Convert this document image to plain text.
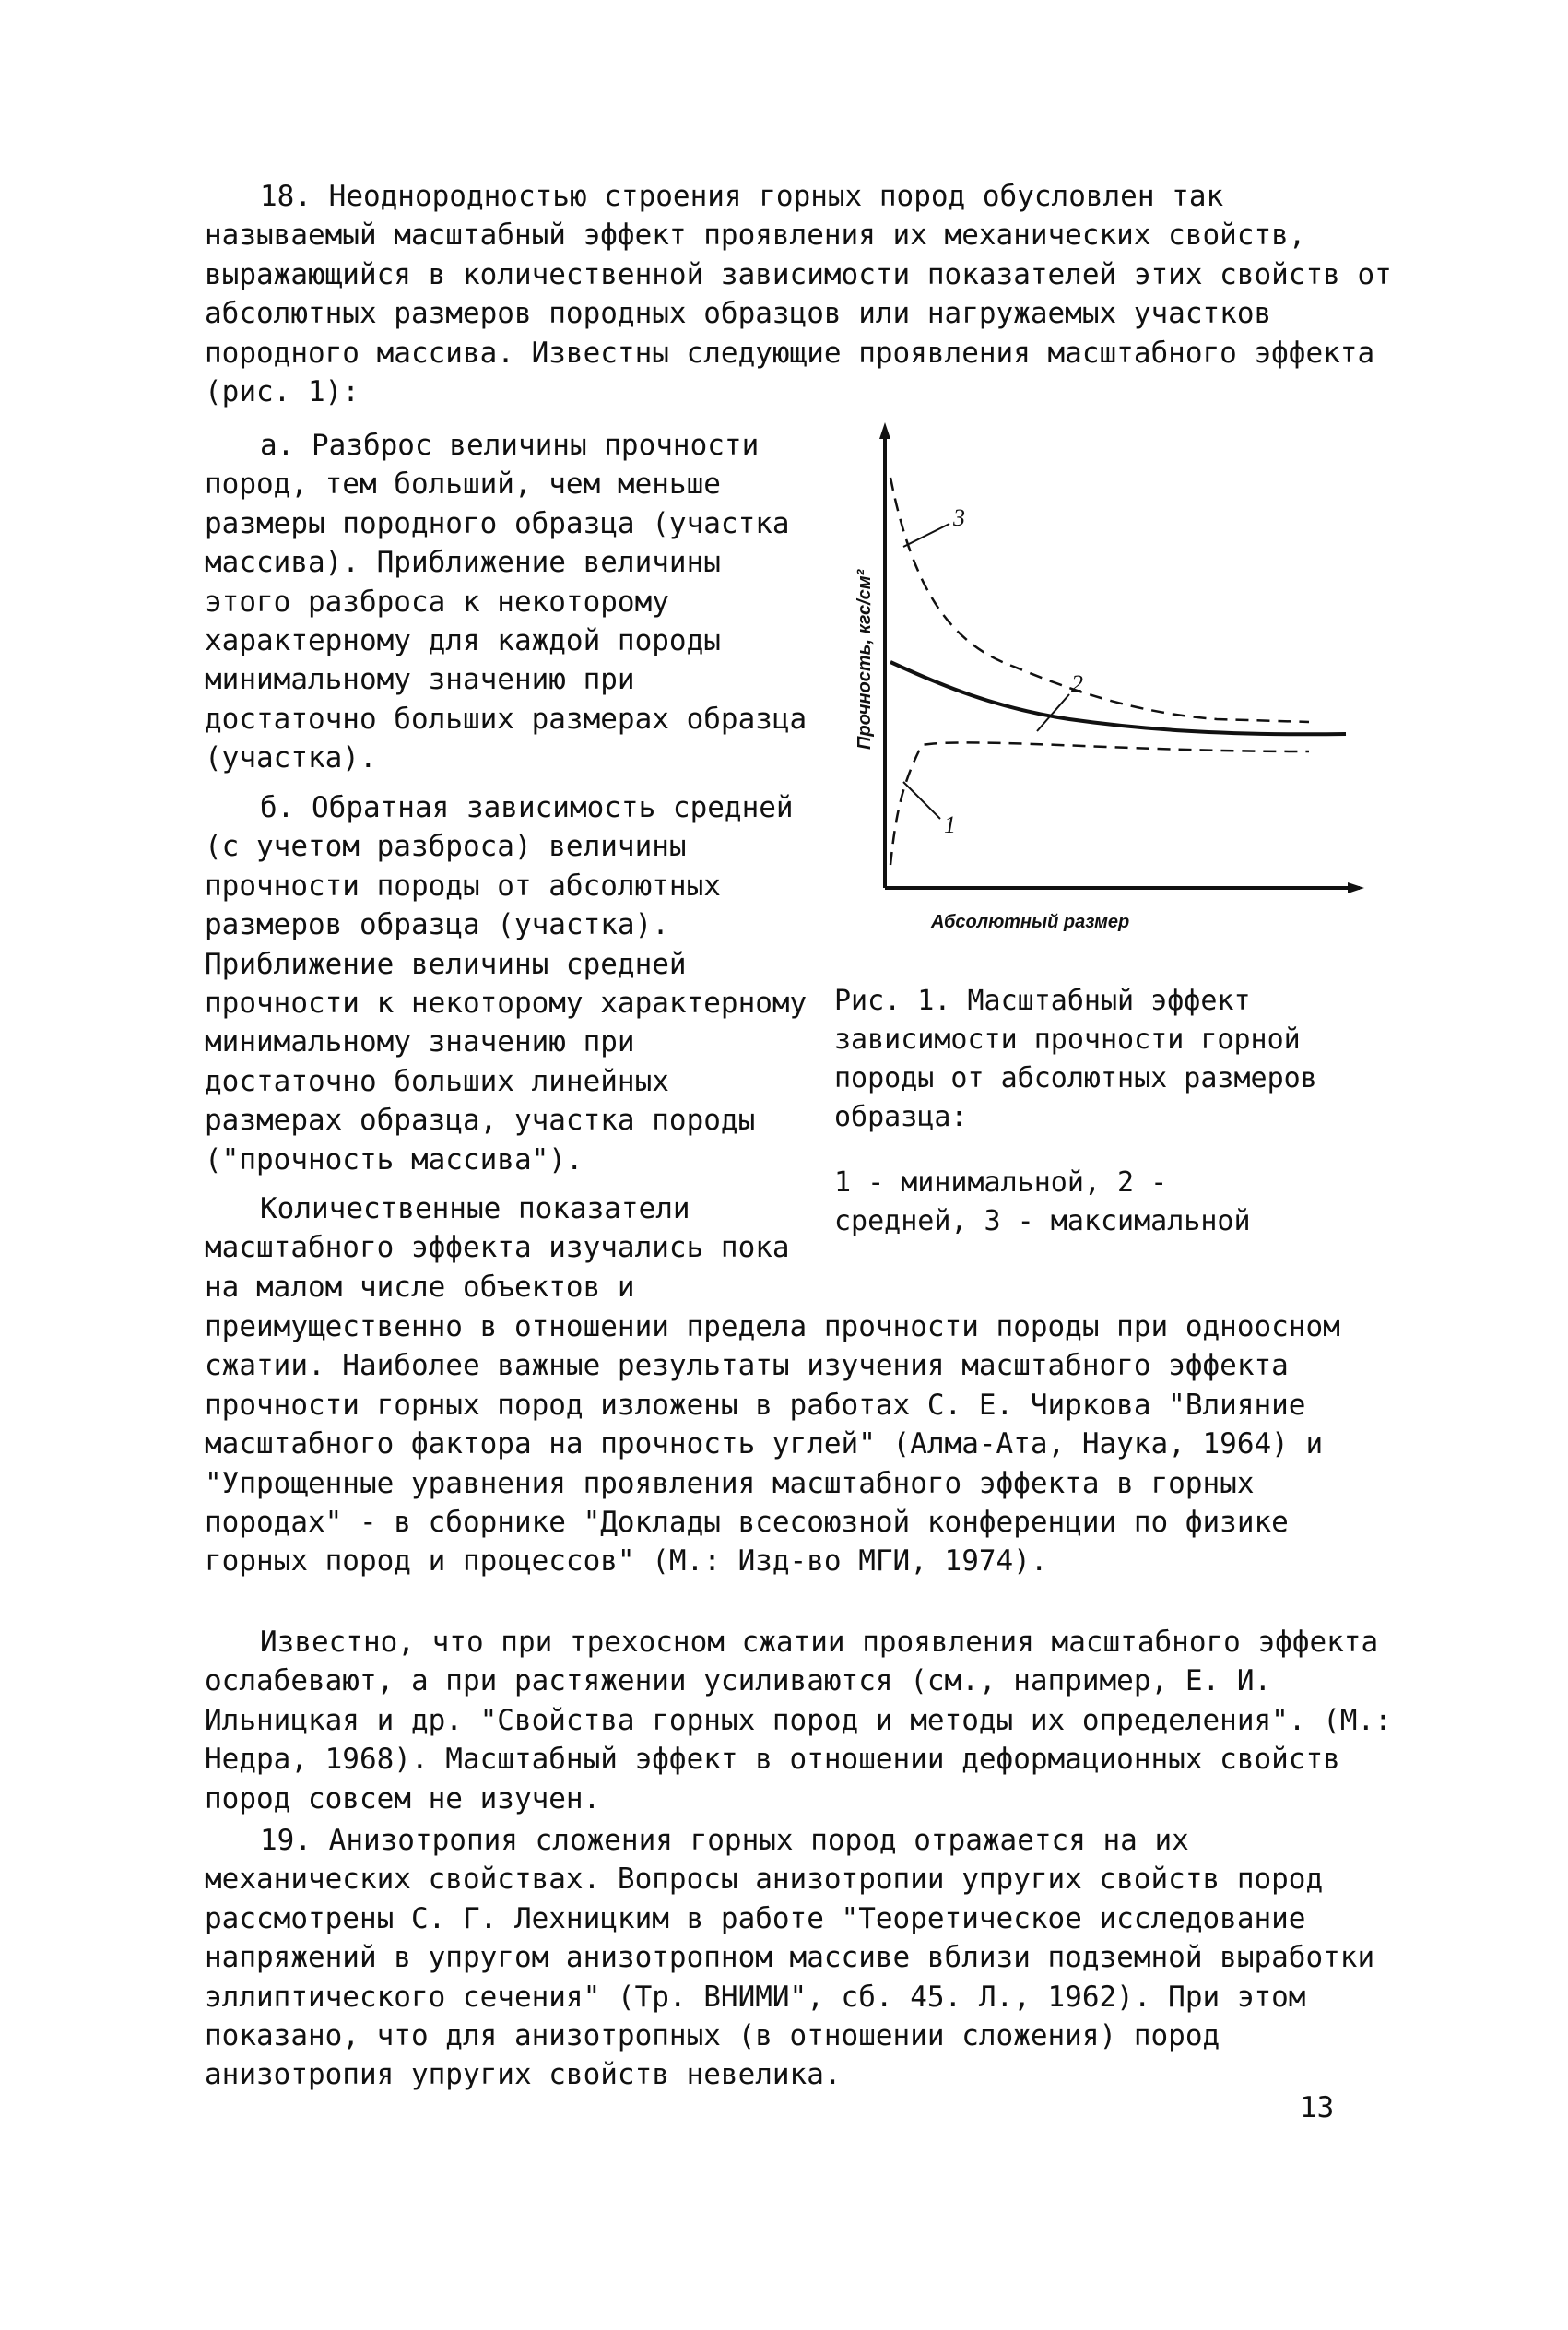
18. Неоднородностью строения горных пород обусловлен так называемый масштабный эффект проявления их механических свойств, выражающийся в количественной зависимости показателей этих свойств от абсолютных размеров породных образцов или нагружаемых участков породного массива. Известны следующие проявления масштабного эффекта (рис. 1):

а. Разброс величины прочности пород, тем больший, чем меньше размеры породного образца (участка массива). Приближение величины этого разброса к некоторому характерному для каждой породы минимальному значению при достаточно больших размерах образца (участка).

б. Обратная зависимость средней (с учетом разброса) величины прочности породы от абсолютных размеров образца (участка). Приближение величины средней прочности к некоторому характерному минимальному значению при достаточно больших линейных размерах образца, участка породы ("прочность массива").

Количественные показатели масштабного эффекта изучались пока на малом числе объектов и

преимущественно в отношении предела прочности породы при одноосном сжатии. Наиболее важные результаты изучения масштабного эффекта прочности горных пород изложены в работах С. Е. Чиркова "Влияние масштабного фактора на прочность углей" (Алма-Ата, Наука, 1964) и "Упрощенные уравнения проявления масштабного эффекта в горных породах" - в сборнике "Доклады всесоюзной конференции по физике горных пород и процессов" (М.: Изд-во МГИ, 1974).

Известно, что при трехосном сжатии проявления масштабного эффекта ослабевают, а при растяжении усиливаются (см., например, Е. И. Ильницкая и др. "Свойства горных пород и методы их определения". (М.: Недра, 1968). Масштабный эффект в отношении деформационных свойств пород совсем не изучен.

19. Анизотропия сложения горных пород отражается на их механических свойствах. Вопросы анизотропии упругих свойств пород рассмотрены С. Г. Лехницким в работе "Теоретическое исследование напряжений в упругом анизотропном массиве вблизи подземной выработки эллиптического сечения" (Тр. ВНИМИ", сб. 45. Л., 1962). При этом показано, что для анизотропных (в отношении сложения) пород анизотропия упругих свойств невелика.

3
2
1
Прочность, кгс/см²
Абсолютный размер

Рис. 1. Масштабный эффект зависимости прочности горной породы от абсолютных размеров образца:

1 - минимальной, 2 - средней, 3 - максимальной

13
